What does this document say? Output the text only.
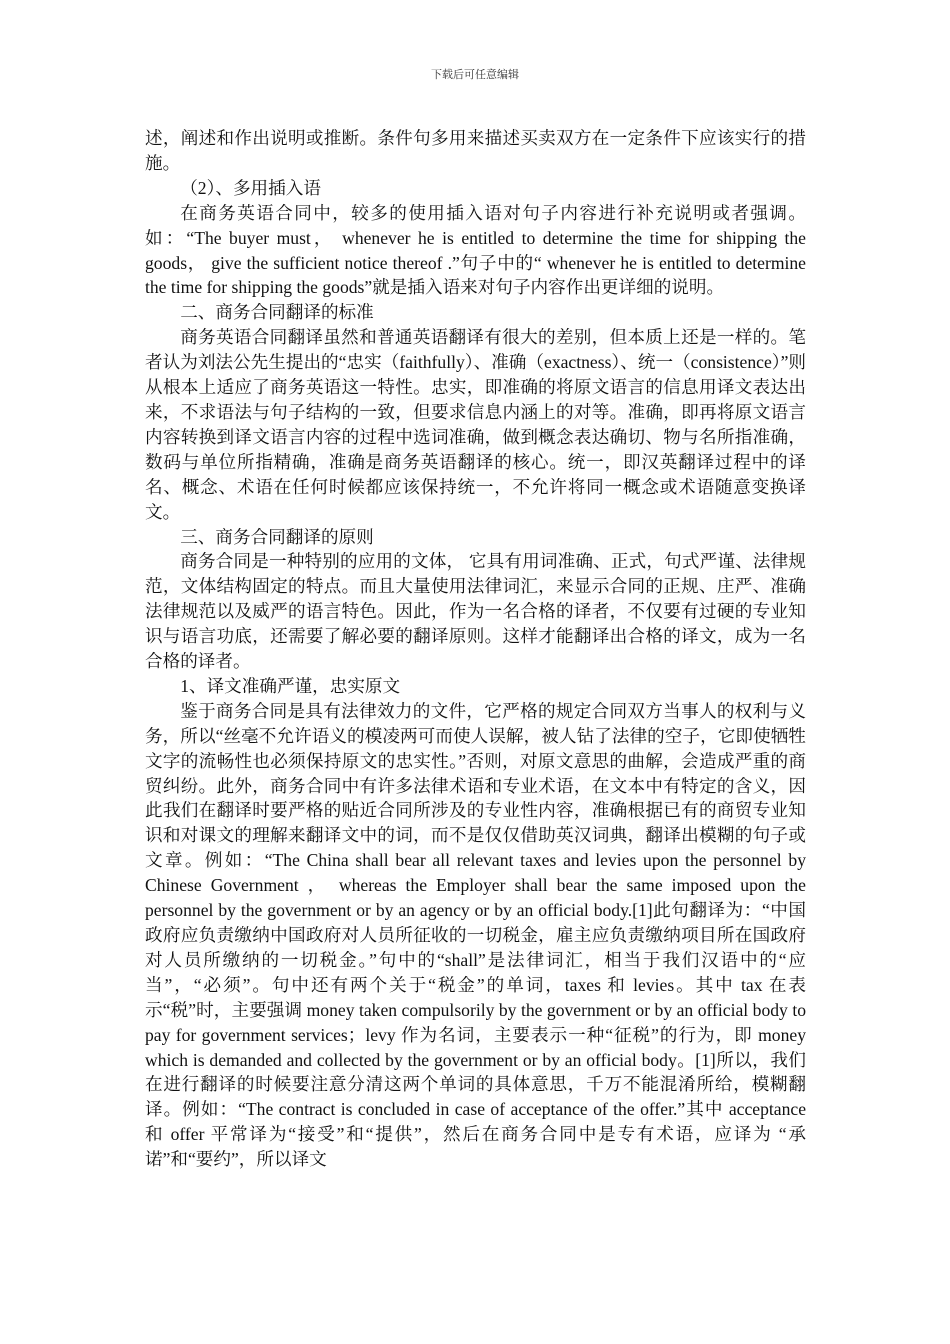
下载后可任意编辑

述，阐述和作出说明或推断。条件句多用来描述买卖双方在一定条件下应该实行的措施。

（2）、多用插入语

在商务英语合同中，较多的使用插入语对句子内容进行补充说明或者强调。如：“The buyer must， whenever he is entitled to determine the time for shipping the goods， give the sufficient notice thereof .”句子中的“ whenever he is entitled to determine the time for shipping the goods”就是插入语来对句子内容作出更详细的说明。

二、商务合同翻译的标准

商务英语合同翻译虽然和普通英语翻译有很大的差别，但本质上还是一样的。笔者认为刘法公先生提出的“忠实（faithfully）、准确（exactness）、统一（consistence）”则从根本上适应了商务英语这一特性。忠实，即准确的将原文语言的信息用译文表达出来，不求语法与句子结构的一致，但要求信息内涵上的对等。准确，即再将原文语言内容转换到译文语言内容的过程中选词准确，做到概念表达确切、物与名所指准确，数码与单位所指精确，准确是商务英语翻译的核心。统一，即汉英翻译过程中的译名、概念、术语在任何时候都应该保持统一，不允许将同一概念或术语随意变换译文。

三、商务合同翻译的原则

商务合同是一种特别的应用的文体， 它具有用词准确、正式，句式严谨、法律规范，文体结构固定的特点。而且大量使用法律词汇，来显示合同的正规、庄严、准确法律规范以及威严的语言特色。因此，作为一名合格的译者，不仅要有过硬的专业知识与语言功底，还需要了解必要的翻译原则。这样才能翻译出合格的译文，成为一名合格的译者。

1、译文准确严谨，忠实原文

鉴于商务合同是具有法律效力的文件，它严格的规定合同双方当事人的权利与义务，所以“丝毫不允许语义的模凌两可而使人误解，被人钻了法律的空子，它即使牺牲文字的流畅性也必须保持原文的忠实性。”否则，对原文意思的曲解，会造成严重的商贸纠纷。此外，商务合同中有许多法律术语和专业术语，在文本中有特定的含义，因此我们在翻译时要严格的贴近合同所涉及的专业性内容，准确根据已有的商贸专业知识和对课文的理解来翻译文中的词，而不是仅仅借助英汉词典，翻译出模糊的句子或文章。例如：“The China shall bear all relevant taxes and levies upon the personnel by Chinese Government ， whereas the Employer shall bear the same imposed upon the personnel by the government or by an agency or by an official body.[1]此句翻译为：“中国政府应负责缴纳中国政府对人员所征收的一切税金，雇主应负责缴纳项目所在国政府对人员所缴纳的一切税金。”句中的“shall”是法律词汇，相当于我们汉语中的“应当”，“必须”。句中还有两个关于“税金”的单词，taxes 和 levies。其中 tax 在表示“税”时，主要强调 money taken compulsorily by the government or by an official body to pay for government services；levy 作为名词，主要表示一种“征税”的行为，即 money which is demanded and collected by the government or by an official body。[1]所以，我们在进行翻译的时候要注意分清这两个单词的具体意思，千万不能混淆所给，模糊翻译。例如：“The contract is concluded in case of acceptance of the offer.”其中 acceptance 和 offer 平常译为“接受”和“提供”，然后在商务合同中是专有术语，应译为 “承诺”和“要约”，所以译文
